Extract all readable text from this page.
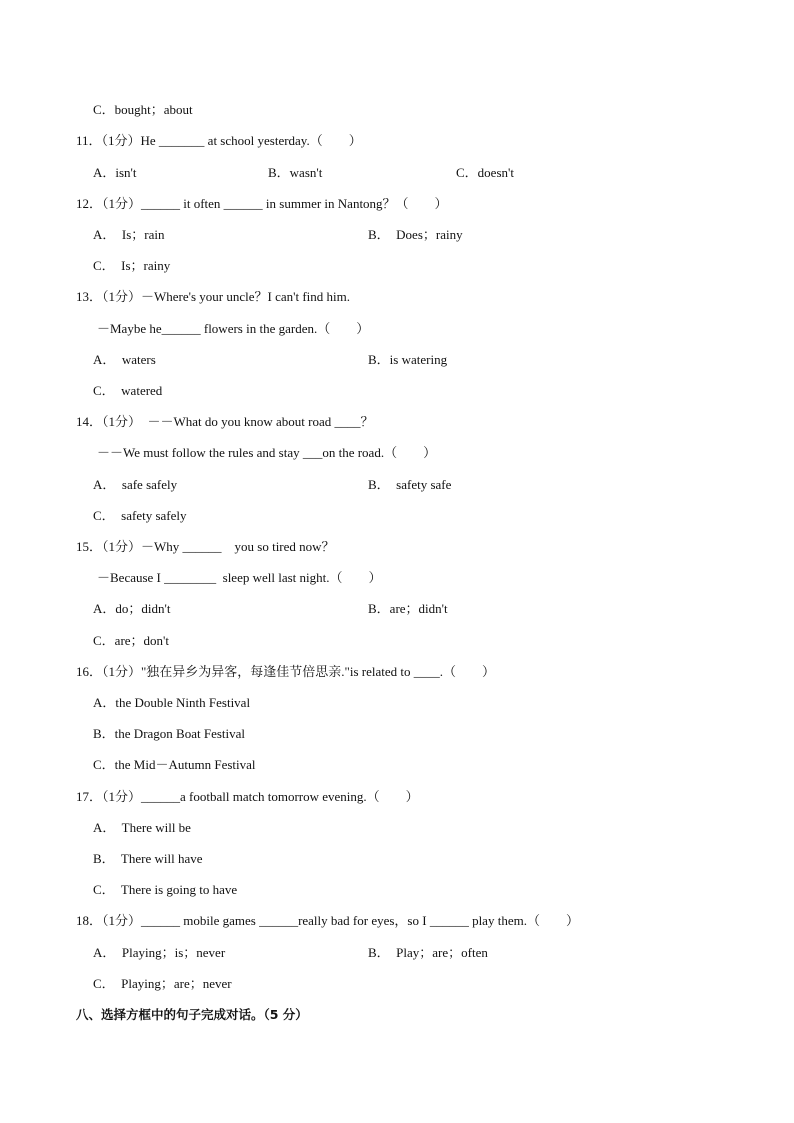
C．bought；about
11．（1分）He _______ at school yesterday.（　　）
A．isn't	B．wasn't	C．doesn't
12．（1分）______ it often ______ in summer in Nantong？（　　）
A．  Is；rain	B．  Does；rainy
C．  Is；rainy
13．（1分）－Where's your uncle？I can't find him.
－Maybe he______ flowers in the garden.（　　）
A．  waters	B．is watering
C．  watered
14．（1分）  －－What do you know about road ____？
－－We must follow the rules and stay ___on the road.（　　）
A．  safe safely	B．  safety safe
C．  safety safely
15．（1分）－Why ______    you so tired now？
－Because I ________  sleep well last night.（　　）
A．do；didn't	B．are；didn't
C．are；don't
16．（1分）"独在异乡为异客，每逢佳节倍思亲."is related to ____.（　　）
A．the Double Ninth Festival
B．the Dragon Boat Festival
C．the Mid－Autumn Festival
17．（1分）______a football match tomorrow evening.（　　）
A．  There will be
B．  There will have
C．  There is going to have
18．（1分）______ mobile games ______really bad for eyes，so I ______ play them.（　　）
A．  Playing；is；never	B．  Play；are；often
C．  Playing；are；never
八、选择方框中的句子完成对话。（5 分）
